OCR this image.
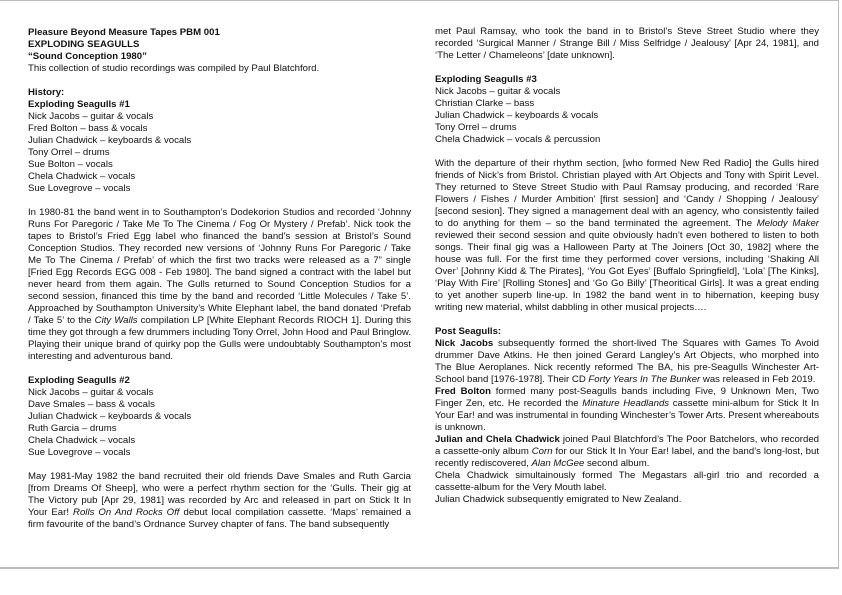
Pleasure Beyond Measure Tapes PBM 001

EXPLODING SEAGULLS

“Sound Conception 1980”

This collection of studio recordings was compiled by Paul Blatchford.

History:

Exploding Seagulls #1

Nick Jacobs – guitar & vocals

Fred Bolton – bass & vocals

Julian Chadwick – keyboards & vocals

Tony Orrel – drums

Sue Bolton – vocals

Chela Chadwick – vocals

Sue Lovegrove – vocals

In 1980-81 the band went in to Southampton’s Dodekorion Studios and recorded ‘Johnny Runs For Paregoric / Take Me To The Cinema / Fog Or Mystery / Prefab’. Nick took the tapes to Bristol’s Fried Egg label who financed the band’s session at Bristol’s Sound Conception Studios. They recorded new versions of ‘Johnny Runs For Paregoric / Take Me To The Cinema / Prefab’ of which the first two tracks were released as a 7” single [Fried Egg Records EGG 008 - Feb 1980]. The band signed a contract with the label but never heard from them again. The Gulls returned to Sound Conception Studios for a second session, financed this time by the band and recorded ‘Little Molecules / Take 5’. Approached by Southampton University’s White Elephant label, the band donated ‘Prefab / Take 5’ to the City Walls compilation LP [White Elephant Records RIOCH 1]. During this time they got through a few drummers including Tony Orrel, John Hood and Paul Bringlow. Playing their unique brand of quirky pop the Gulls were undoubtably Southampton’s most interesting and adventurous band.

Exploding Seagulls #2

Nick Jacobs – guitar & vocals

Dave Smales – bass & vocals

Julian Chadwick – keyboards & vocals

Ruth Garcia – drums

Chela Chadwick – vocals

Sue Lovegrove – vocals

May 1981-May 1982 the band recruited their old friends Dave Smales and Ruth Garcia [from Dreams Of Sheep], who were a perfect rhythm section for the ‘Gulls. Their gig at The Victory pub [Apr 29, 1981] was recorded by Arc and released in part on Stick It In Your Ear! Rolls On And Rocks Off debut local compilation cassette. ‘Maps’ remained a firm favourite of the band’s Ordnance Survey chapter of fans. The band subsequently

met Paul Ramsay, who took the band in to Bristol’s Steve Street Studio where they recorded ‘Surgical Manner / Strange Bill / Miss Selfridge / Jealousy’ [Apr 24, 1981], and ‘The Letter / Chameleons’ [date unknown].

Exploding Seagulls #3

Nick Jacobs – guitar & vocals

Christian Clarke – bass

Julian Chadwick – keyboards & vocals

Tony Orrel – drums

Chela Chadwick – vocals & percussion

With the departure of their rhythm section, [who formed New Red Radio] the Gulls hired friends of Nick’s from Bristol. Christian played with Art Objects and Tony with Spirit Level. They returned to Steve Street Studio with Paul Ramsay producing, and recorded ‘Rare Flowers / Fishes / Murder Ambition’ [first session] and ‘Candy / Shopping / Jealousy’ [second sesion]. They signed a management deal with an agency, who consistently failed to do anything for them – so the band terminated the agreement. The Melody Maker reviewed their second session and quite obviously hadn’t even bothered to listen to both songs. Their final gig was a Halloween Party at The Joiners [Oct 30, 1982] where the house was full. For the first time they performed cover versions, including ‘Shaking All Over’ [Johnny Kidd & The Pirates], ‘You Got Eyes’ [Buffalo Springfield], ‘Lola’ [The Kinks], ‘Play With Fire’ [Rolling Stones] and ‘Go Go Billy’ [Theoritical Girls]. It was a great ending to yet another superb line-up. In 1982 the band went in to hibernation, keeping busy writing new material, whilst dabbling in other musical projects….

Post Seagulls:

Nick Jacobs subsequently formed the short-lived The Squares with Games To Avoid drummer Dave Atkins. He then joined Gerard Langley’s Art Objects, who morphed into The Blue Aeroplanes. Nick recently reformed The BA, his pre-Seagulls Winchester Art-School band [1976-1978]. Their CD Forty Years In The Bunker was released in Feb 2019.

Fred Bolton formed many post-Seagulls bands including Five, 9 Unknown Men, Two Finger Zen, etc. He recorded the Minature Headlands cassette mini-album for Stick It In Your Ear! and was instrumental in founding Winchester’s Tower Arts. Present whereabouts is unknown.

Julian and Chela Chadwick joined Paul Blatchford’s The Poor Batchelors, who recorded a cassette-only album Corn for our Stick It In Your Ear! label, and the band’s long-lost, but recently rediscovered, Alan McGee second album.

Chela Chadwick simultainously formed The Megastars all-girl trio and recorded a cassette-album for the Very Mouth label.

Julian Chadwick subsequently emigrated to New Zealand.
